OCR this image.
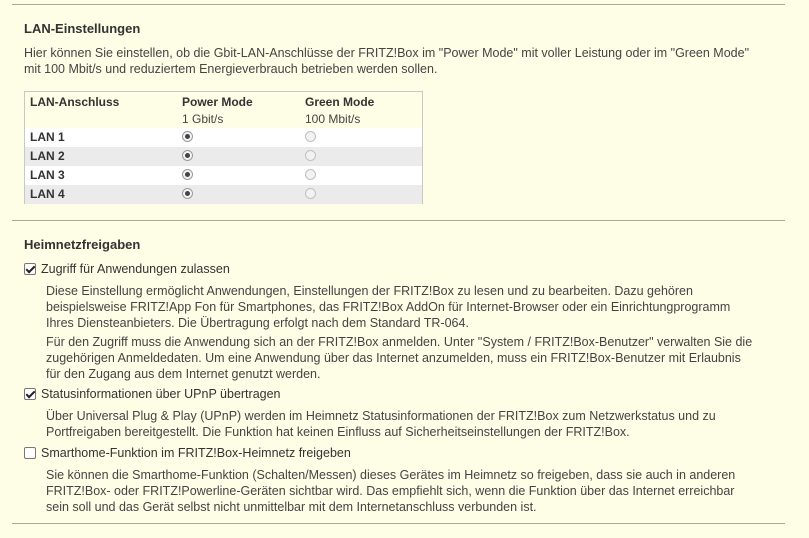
LAN-Einstellungen
Hier können Sie einstellen, ob die Gbit-LAN-Anschlüsse der FRITZ!Box im "Power Mode" mit voller Leistung oder im "Green Mode"
mit 100 Mbit/s und reduziertem Energieverbrauch betrieben werden sollen.
LAN-Anschluss	Power Mode
1 Gbit/s
Green Mode
100 Mbit/s
LAN 1
LAN 2
LAN 3
LAN 4
Heimnetzfreigaben
Zugriff für Anwendungen zulassen
Diese Einstellung ermöglicht Anwendungen, Einstellungen der FRITZ!Box zu lesen und zu bearbeiten. Dazu gehören
beispielsweise FRITZ!App Fon für Smartphones, das FRITZ!Box AddOn für Internet-Browser oder ein Einrichtungprogramm
Ihres Diensteanbieters. Die Übertragung erfolgt nach dem Standard TR-064.
Für den Zugriff muss die Anwendung sich an der FRITZ!Box anmelden. Unter "System / FRITZ!Box-Benutzer" verwalten Sie die
zugehörigen Anmeldedaten. Um eine Anwendung über das Internet anzumelden, muss ein FRITZ!Box-Benutzer mit Erlaubnis
für den Zugang aus dem Internet genutzt werden.
Statusinformationen über UPnP übertragen
Über Universal Plug & Play (UPnP) werden im Heimnetz Statusinformationen der FRITZ!Box zum Netzwerkstatus und zu
Portfreigaben bereitgestellt. Die Funktion hat keinen Einfluss auf Sicherheitseinstellungen der FRITZ!Box.
Smarthome-Funktion im FRITZ!Box-Heimnetz freigeben
Sie können die Smarthome-Funktion (Schalten/Messen) dieses Gerätes im Heimnetz so freigeben, dass sie auch in anderen
FRITZ!Box- oder FRITZ!Powerline-Geräten sichtbar wird. Das empfiehlt sich, wenn die Funktion über das Internet erreichbar
sein soll und das Gerät selbst nicht unmittelbar mit dem Internetanschluss verbunden ist.
